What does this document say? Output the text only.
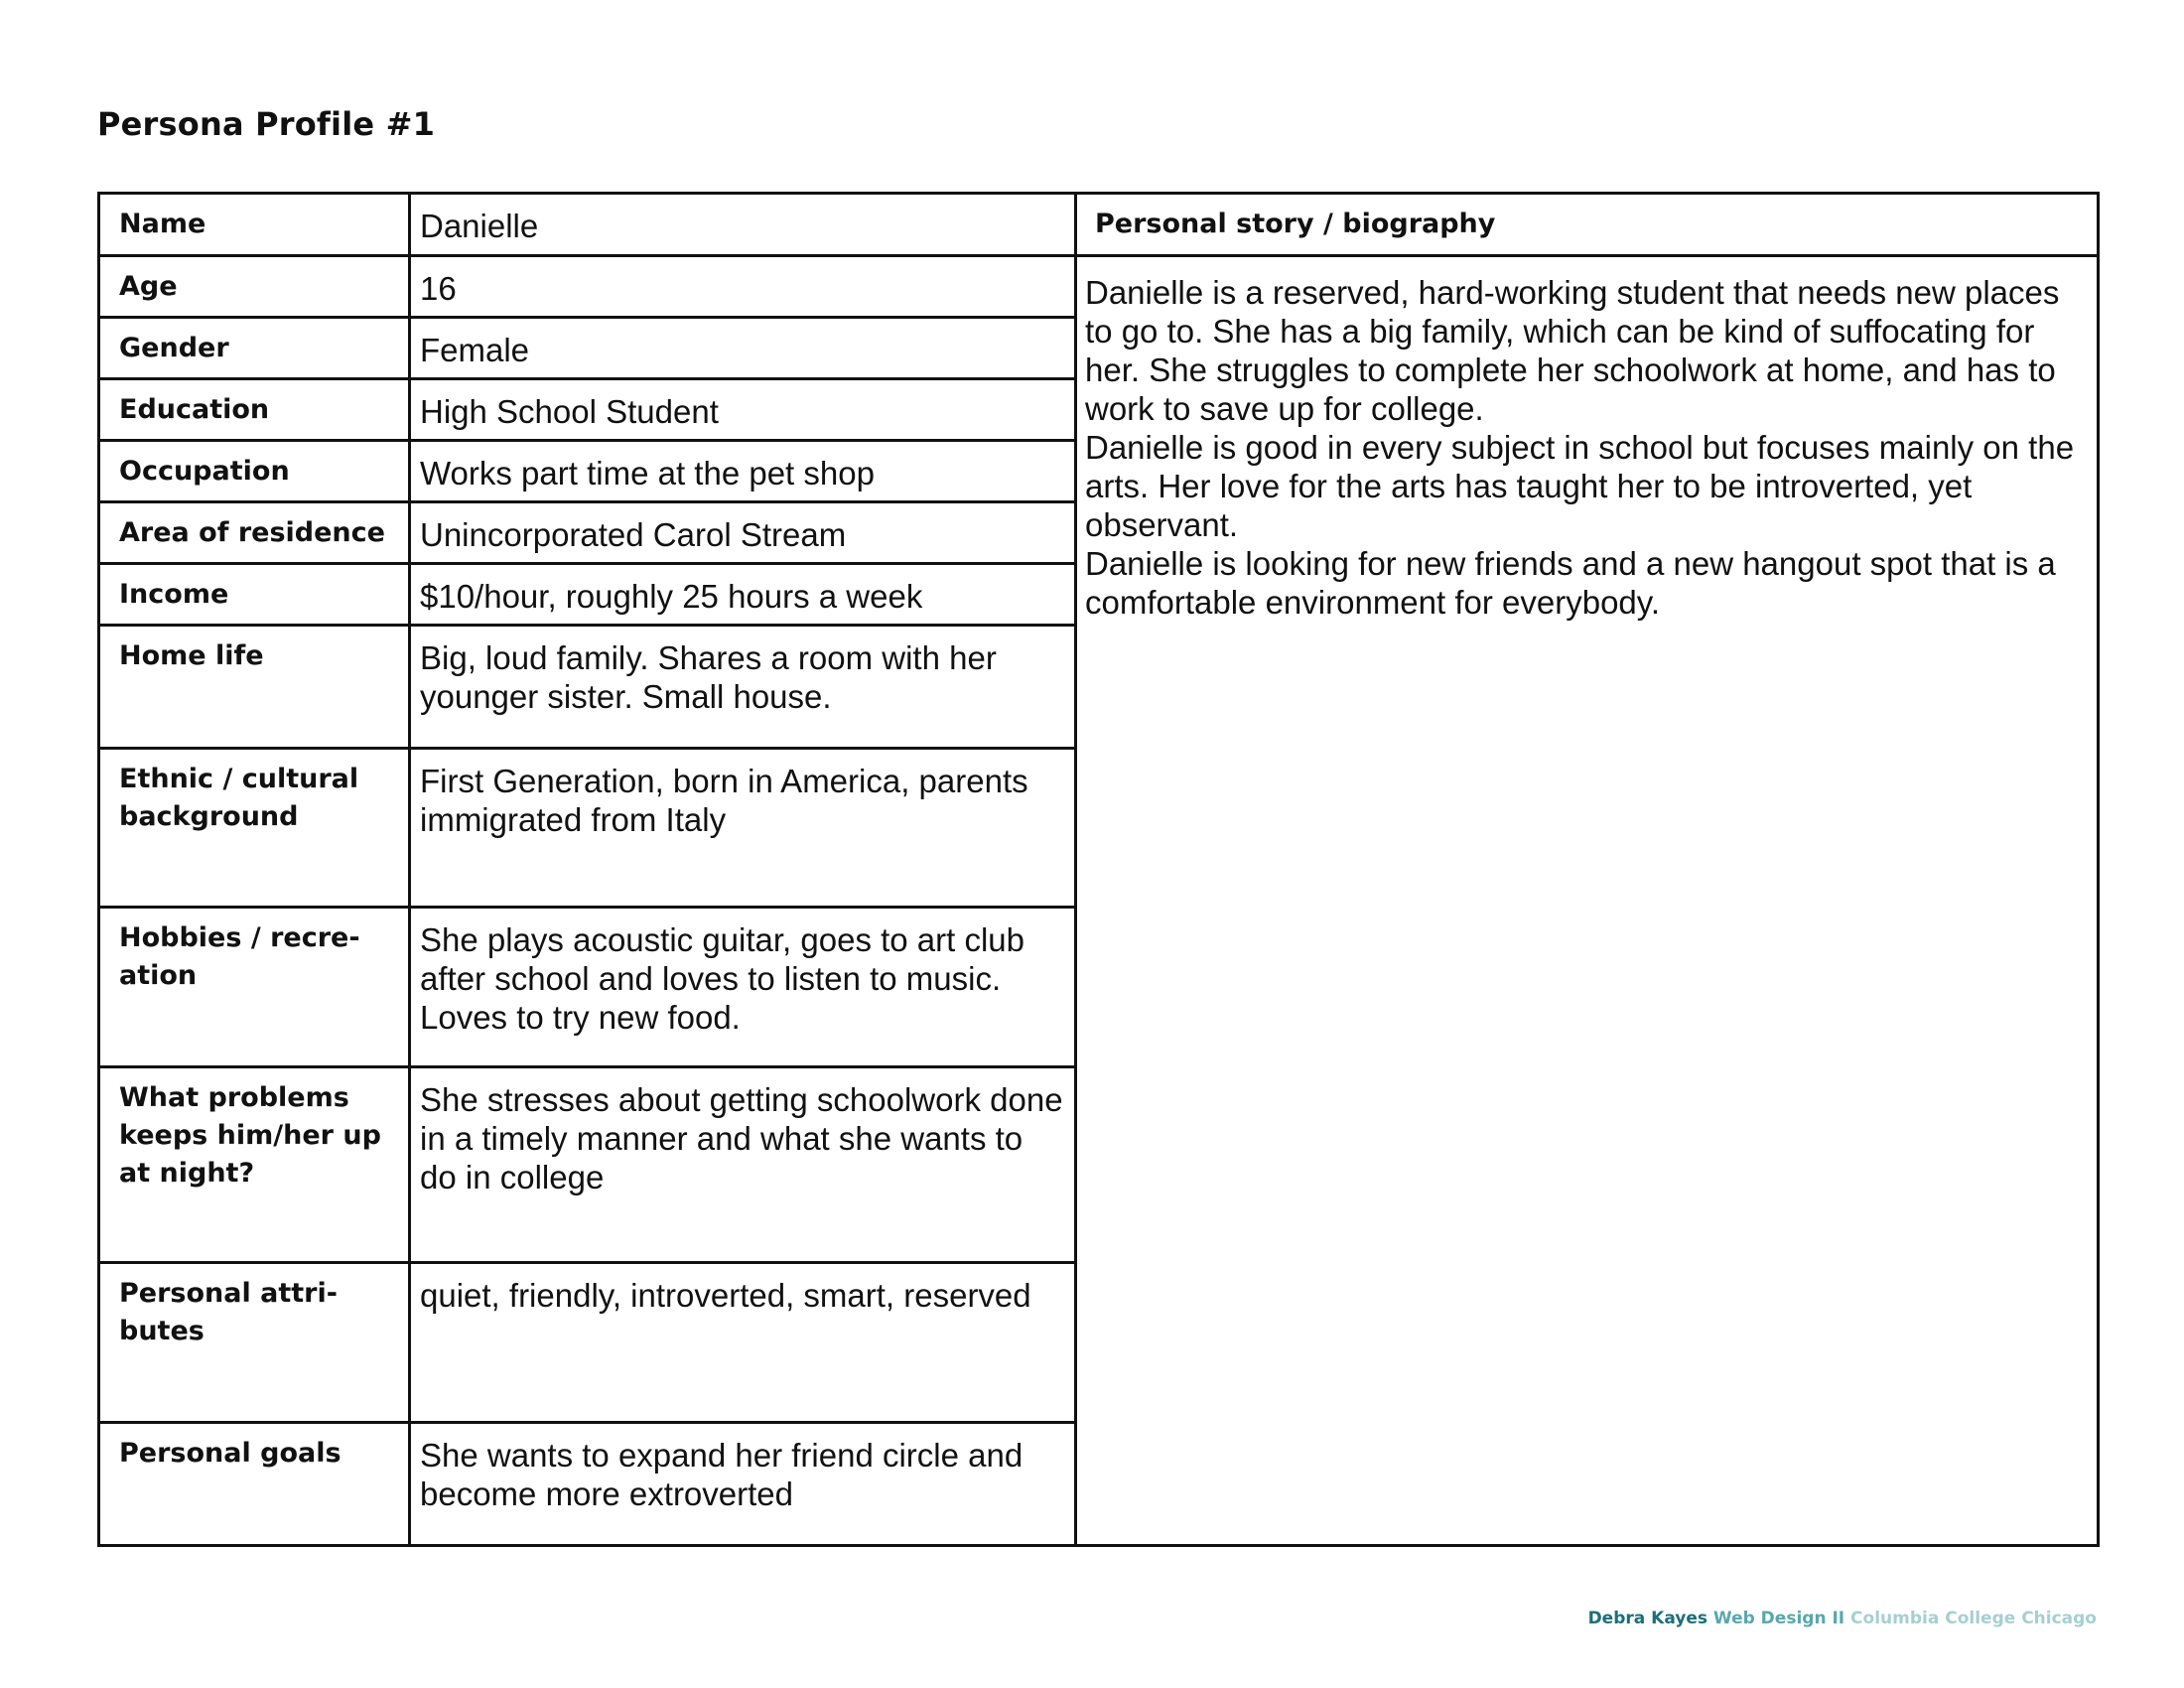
Persona Profile #1
Name	Danielle	Personal story / biography

Age	16	Danielle is a reserved, hard-working student that needs new places to go to. She has a big family, which can be kind of suffocating for her. She struggles to complete her schoolwork at home, and has to work to save up for college.

Danielle is good in every subject in school but focuses mainly on the arts. Her love for the arts has taught her to be introverted, yet observant.

Danielle is looking for new friends and a new hangout spot that is a comfortable environment for everybody.

Gender	Female	

Education	High School Student	

Occupation	Works part time at the pet shop	

Area of residence	Unincorporated Carol Stream	

Income	$10/hour, roughly 25 hours a week	

Home life	Big, loud family. Shares a room with her younger sister. Small house.	

Ethnic / cultural background	First Generation, born in America, parents immigrated from Italy	

Hobbies / recre-ation	She plays acoustic guitar, goes to art club after school and loves to listen to music. Loves to try new food.	

What problems keeps him/her up at night?	She stresses about getting schoolwork done in a timely manner and what she wants to do in college	

Personal attri-butes	quiet, friendly, introverted, smart, reserved	

Personal goals	She wants to expand her friend circle and become more extroverted	
Debra Kayes Web Design II Columbia College Chicago
